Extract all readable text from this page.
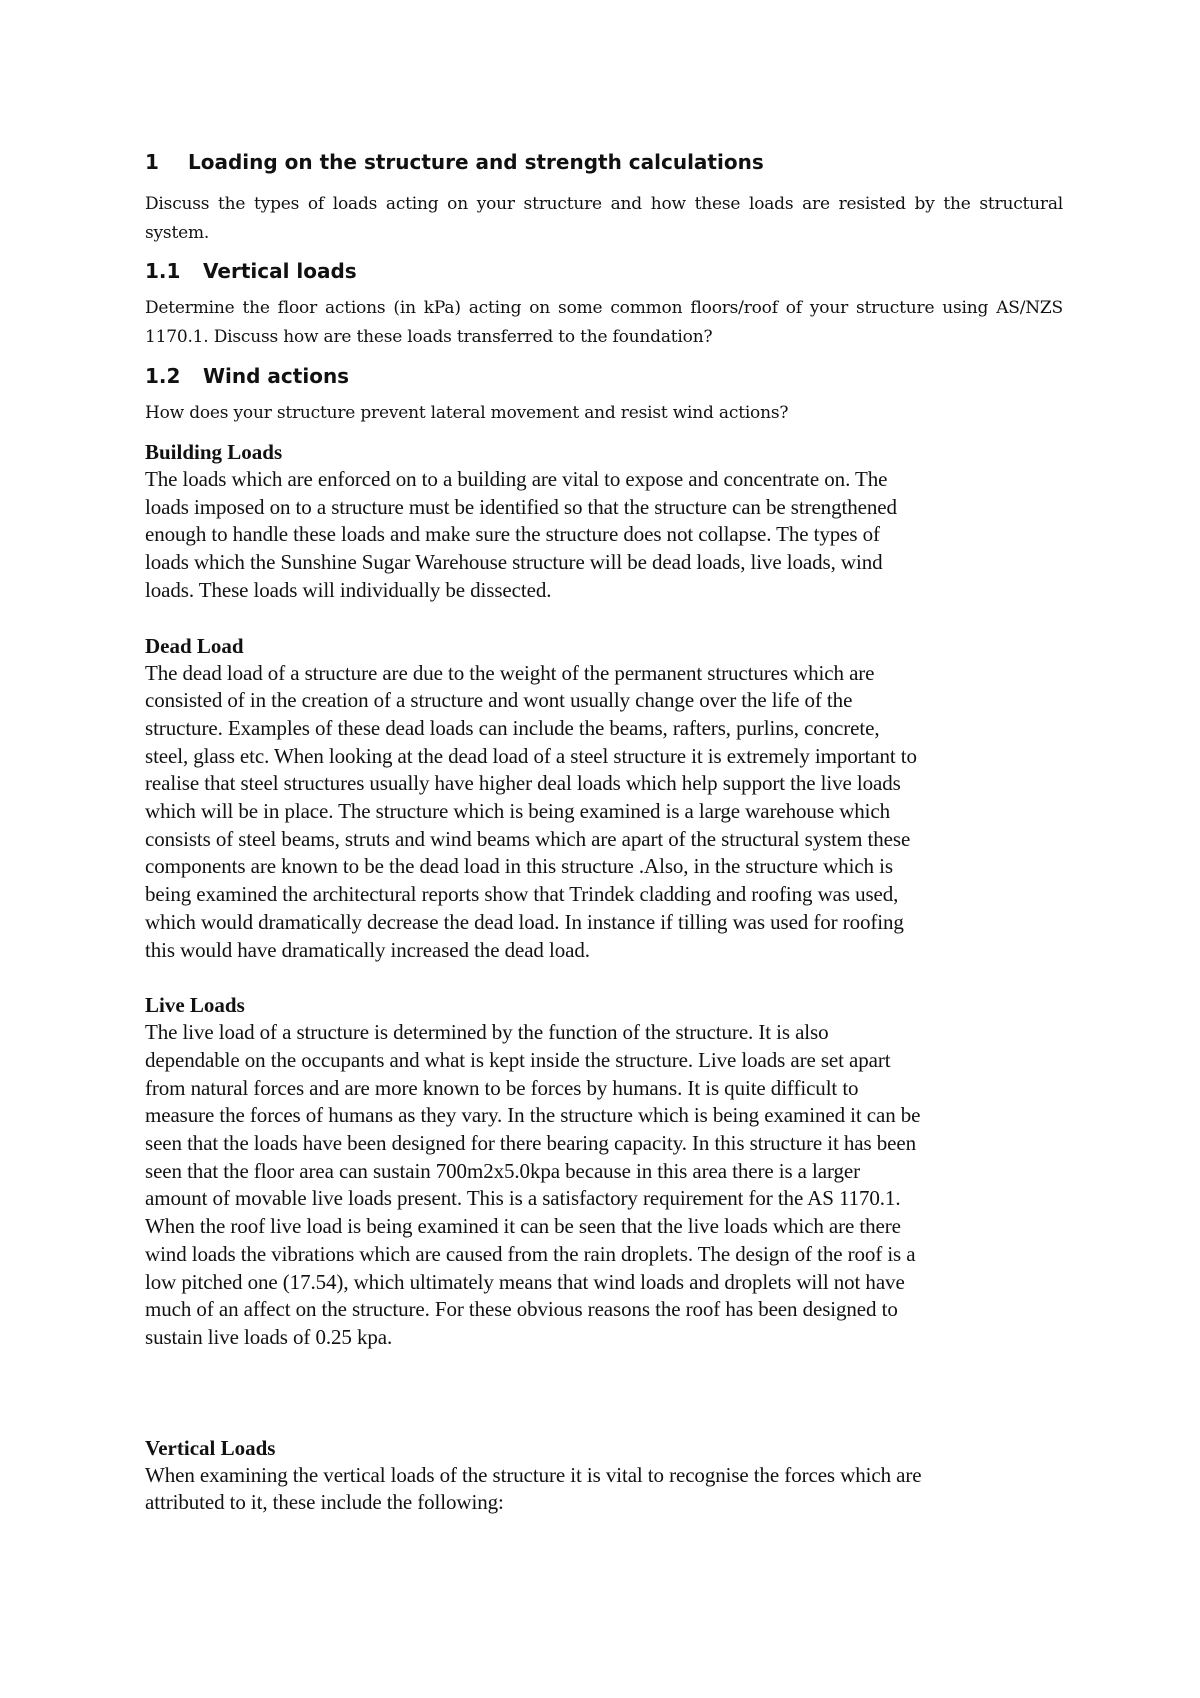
1	Loading on the structure and strength calculations

Discuss the types of loads acting on your structure and how these loads are resisted by the structural system.

1.1	Vertical loads

Determine the floor actions (in kPa) acting on some common floors/roof of your structure using AS/NZS 1170.1. Discuss how are these loads transferred to the foundation?

1.2	Wind actions

How does your structure prevent lateral movement and resist wind actions?

Building Loads

The loads which are enforced on to a building are vital to expose and concentrate on. The

loads imposed on to a structure must be identified so that the structure can be strengthened

enough to handle these loads and make sure the structure does not collapse. The types of

loads which the Sunshine Sugar Warehouse structure will be dead loads, live loads, wind

loads. These loads will individually be dissected.

Dead Load

The dead load of a structure are due to the weight of the permanent structures which are

consisted of in the creation of a structure and wont usually change over the life of the

structure. Examples of these dead loads can include the beams, rafters, purlins, concrete,

steel, glass etc. When looking at the dead load of a steel structure it is extremely important to

realise that steel structures usually have higher deal loads which help support the live loads

which will be in place. The structure which is being examined is a large warehouse which

consists of steel beams, struts and wind beams which are apart of the structural system these

components are known to be the dead load in this structure .Also, in the structure which is

being examined the architectural reports show that Trindek cladding and roofing was used,

which would dramatically decrease the dead load. In instance if tilling was used for roofing

this would have dramatically increased the dead load.

Live Loads

The live load of a structure is determined by the function of the structure. It is also

dependable on the occupants and what is kept inside the structure. Live loads are set apart

from natural forces and are more known to be forces by humans. It is quite difficult to

measure the forces of humans as they vary. In the structure which is being examined it can be

seen that the loads have been designed for there bearing capacity. In this structure it has been

seen that the floor area can sustain 700m2x5.0kpa because in this area there is a larger

amount of movable live loads present. This is a satisfactory requirement for the AS 1170.1.

When the roof live load is being examined it can be seen that the live loads which are there

wind loads the vibrations which are caused from the rain droplets. The design of the roof is a

low pitched one (17.54), which ultimately means that wind loads and droplets will not have

much of an affect on the structure. For these obvious reasons the roof has been designed to

sustain live loads of 0.25 kpa.

Vertical Loads

When examining the vertical loads of the structure it is vital to recognise the forces which are

attributed to it, these include the following:
